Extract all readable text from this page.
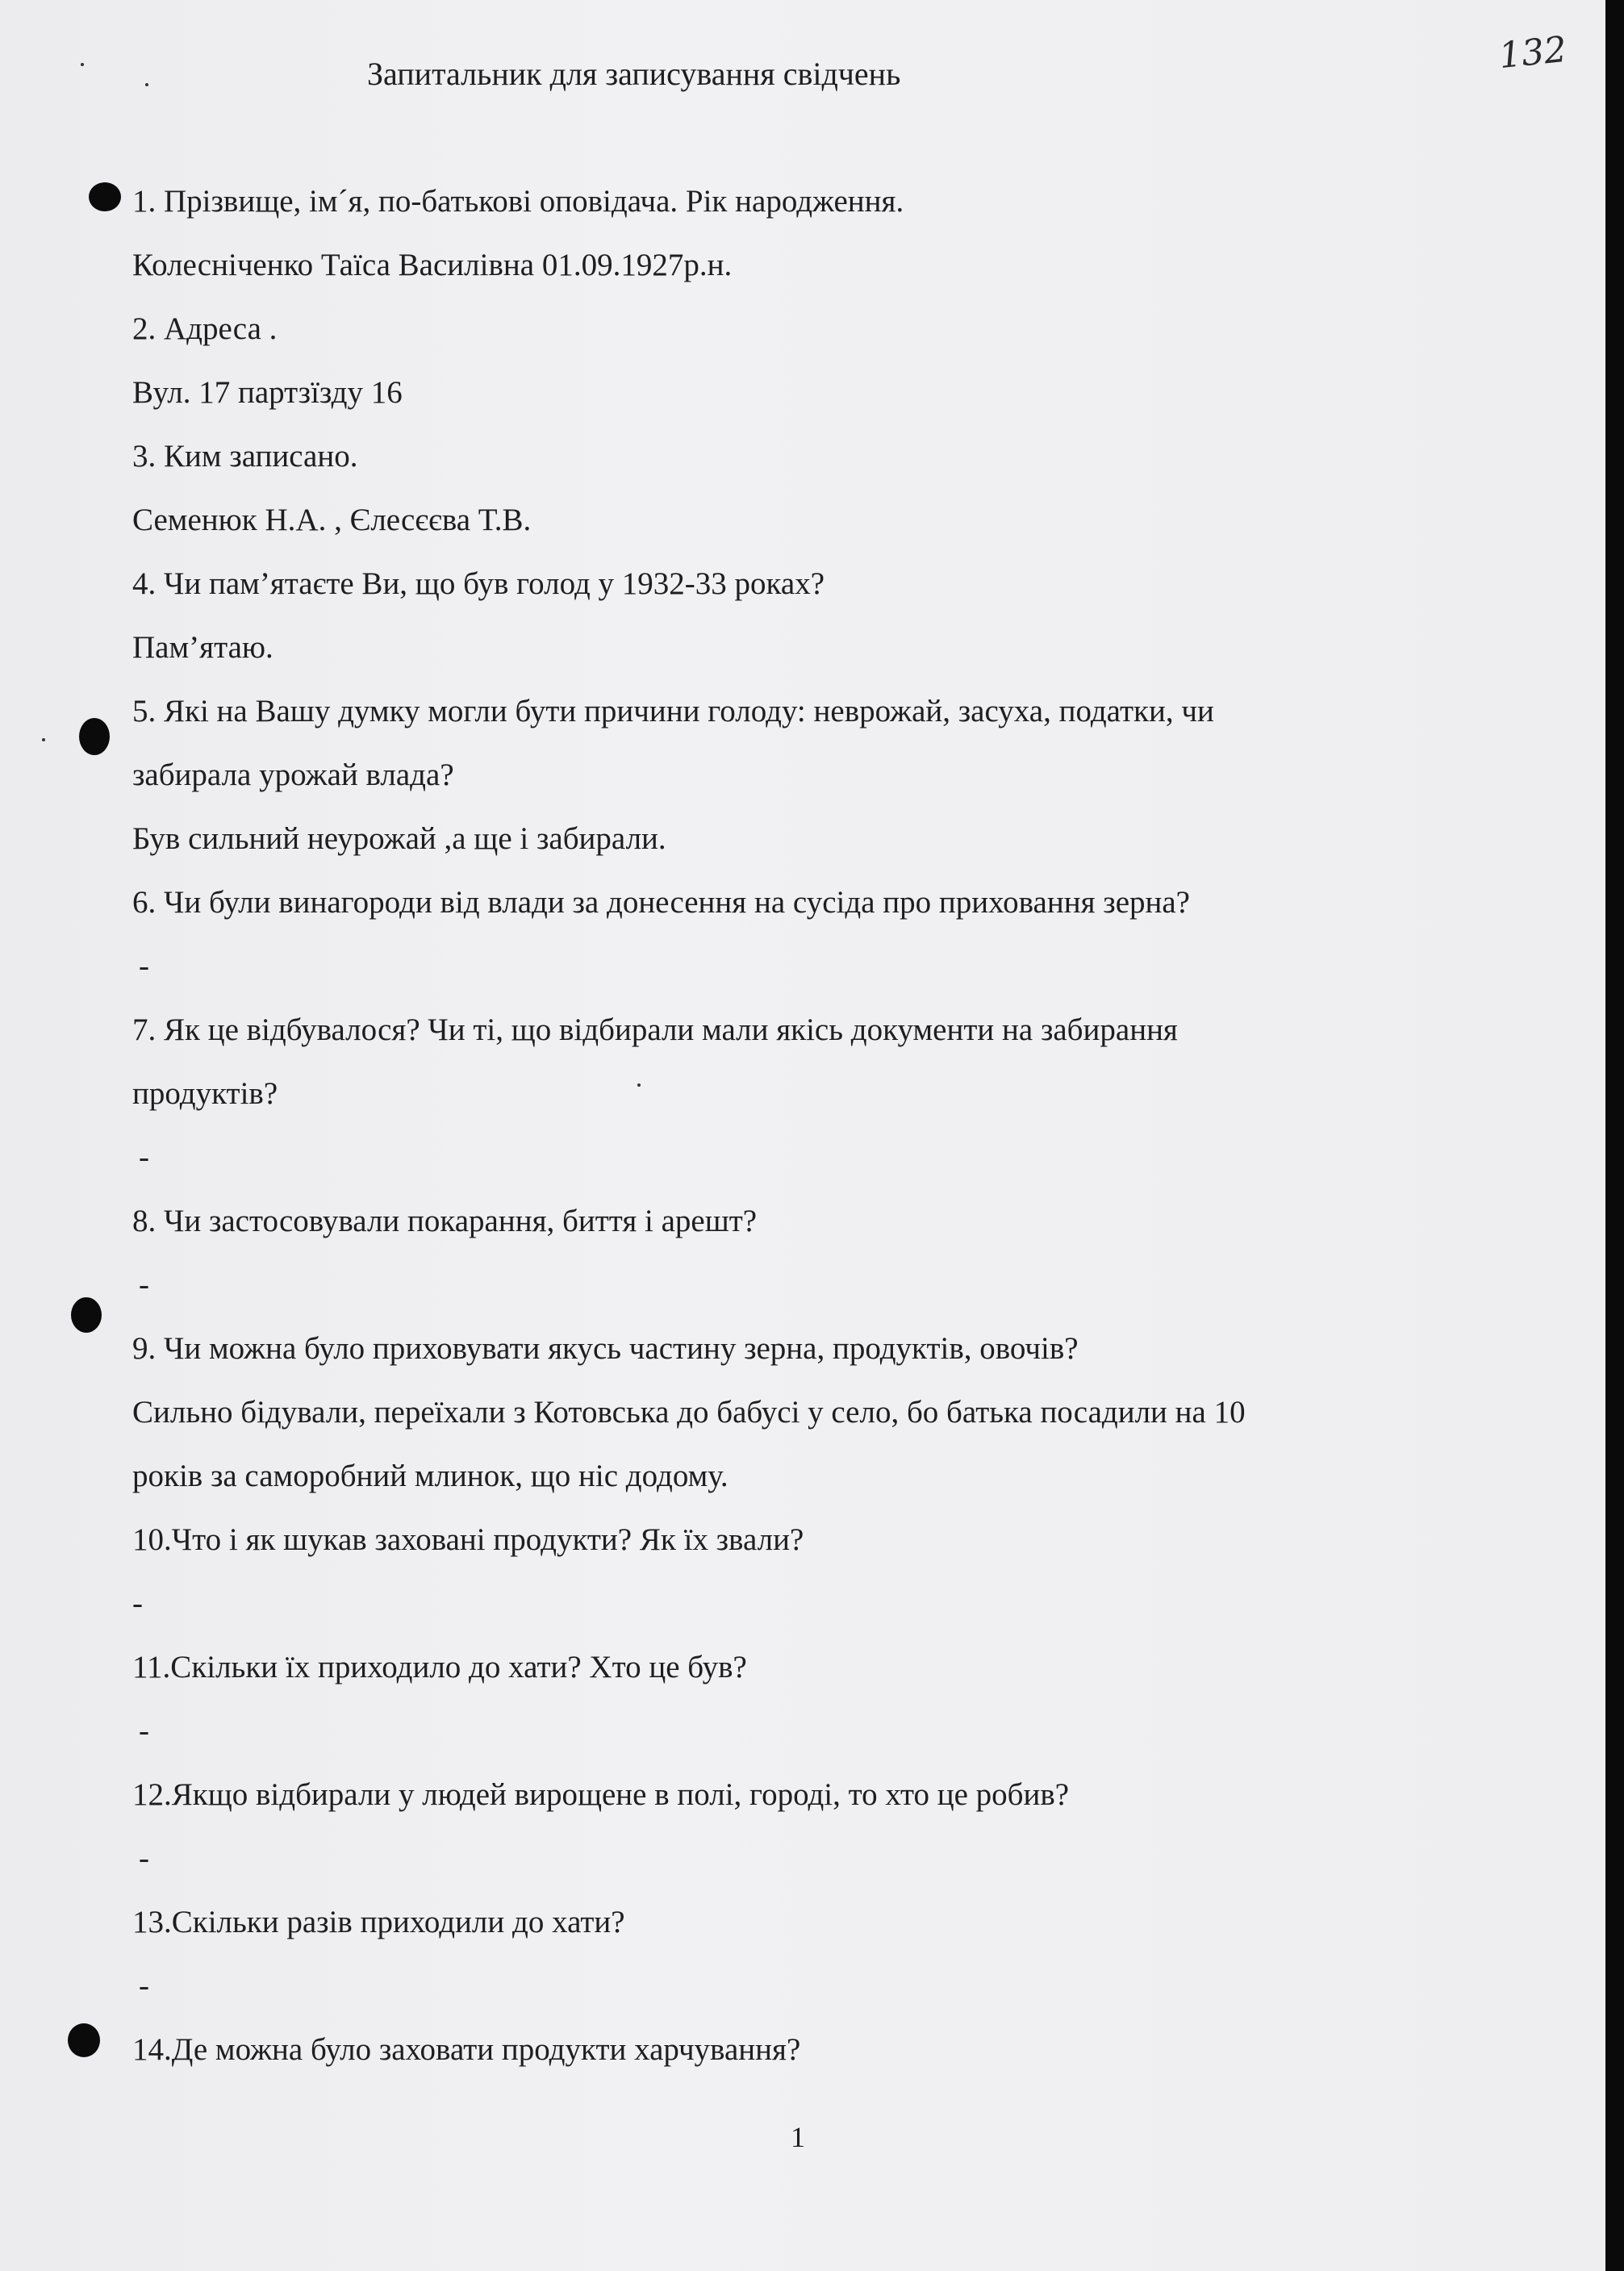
Запитальник для записування свідчень	132
1. Прізвище, ім´я, по-батькові оповідача. Рік народження.
Колесніченко Таїса Василівна 01.09.1927р.н.
2. Адреса .
Вул. 17 партзїзду 16
3. Ким записано.
Семенюк Н.А. , Єлесєєва Т.В.
4. Чи пам’ятаєте Ви, що був голод у 1932-33 роках?
Пам’ятаю.
5. Які на Вашу думку могли бути причини голоду: неврожай, засуха, податки, чи
забирала урожай влада?
Був сильний неурожай ,а ще і забирали.
6. Чи були винагороди від влади за донесення на сусіда про приховання зерна?
-
7. Як це відбувалося? Чи ті, що відбирали мали якісь документи на забирання
продуктів?
-
8. Чи застосовували покарання, биття і арешт?
-
9. Чи можна було приховувати якусь частину зерна, продуктів, овочів?
Сильно бідували, переїхали з Котовська до бабусі у село, бо батька посадили на 10
років за саморобний млинок, що ніс додому.
10.Что і як шукав заховані продукти? Як їх звали?
-
11.Скільки їх приходило до хати? Хто це був?
-
12.Якщо відбирали у людей вирощене в полі, городі, то хто це робив?
-
13.Скільки разів приходили до хати?
-
14.Де можна було заховати продукти харчування?
1
